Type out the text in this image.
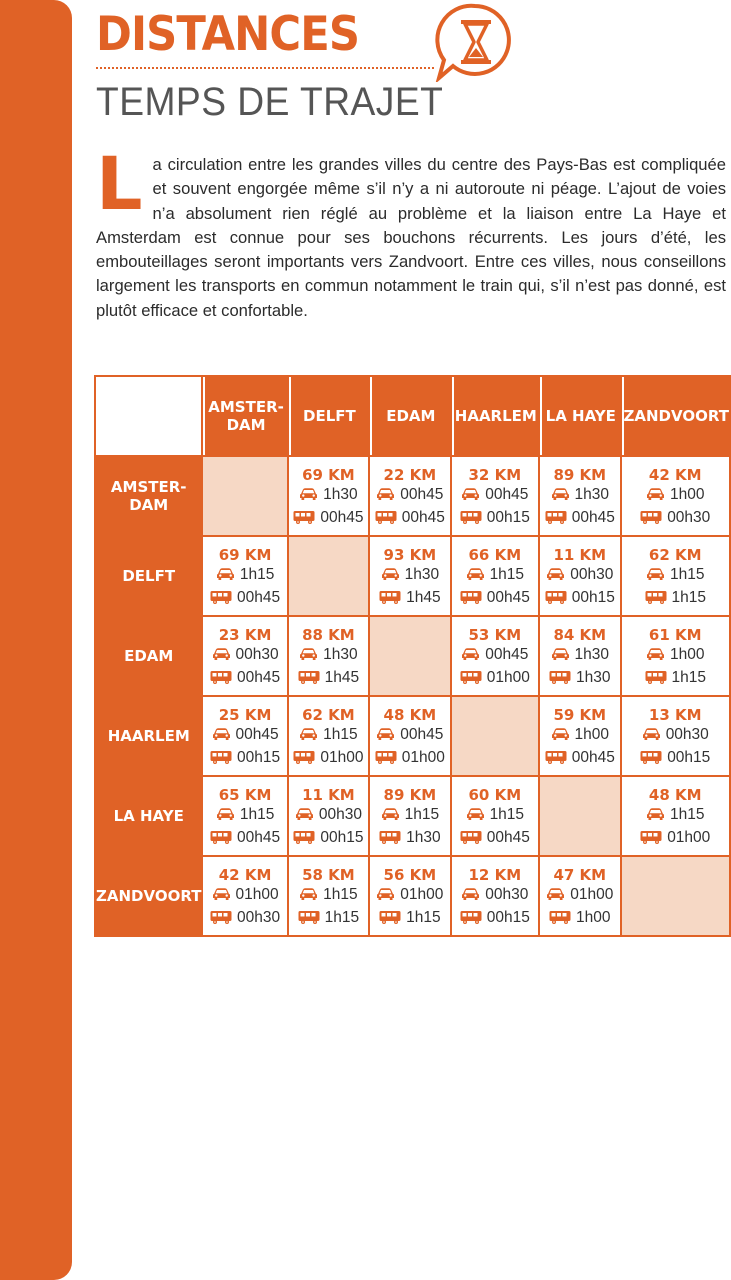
DISTANCES
TEMPS DE TRAJET
L a circulation entre les grandes villes du centre des Pays-Bas est compliquée et souvent engorgée même s’il n’y a ni autoroute ni péage. L’ajout de voies n’a absolument rien réglé au problème et la liaison entre La Haye et Amsterdam est connue pour ses bouchons récurrents. Les jours d’été, les embouteillages seront importants vers Zandvoort. Entre ces villes, nous conseillons largement les transports en commun notamment le train qui, s’il n’est pas donné, est plutôt efficace et confortable.
	AMSTER-
DAM	DELFT	EDAM	HAARLEM	LA HAYE	ZANDVOORT
AMSTER-
DAM		69 KM
1h30
00h45	22 KM
00h45
00h45	32 KM
00h45
00h15	89 KM
1h30
00h45	42 KM
1h00
00h30

DELFT	69 KM
1h15
00h45		93 KM
1h30
1h45	66 KM
1h15
00h45	11 KM
00h30
00h15	62 KM
1h15
1h15

EDAM	23 KM
00h30
00h45	88 KM
1h30
1h45		53 KM
00h45
01h00	84 KM
1h30
1h30	61 KM
1h00
1h15

HAARLEM	25 KM
00h45
00h15	62 KM
1h15
01h00	48 KM
00h45
01h00		59 KM
1h00
00h45	13 KM
00h30
00h15

LA HAYE	65 KM
1h15
00h45	11 KM
00h30
00h15	89 KM
1h15
1h30	60 KM
1h15
00h45		48 KM
1h15
01h00

ZANDVOORT	42 KM
01h00
00h30	58 KM
1h15
1h15	56 KM
01h00
1h15	12 KM
00h30
00h15	47 KM
01h00
1h00	
